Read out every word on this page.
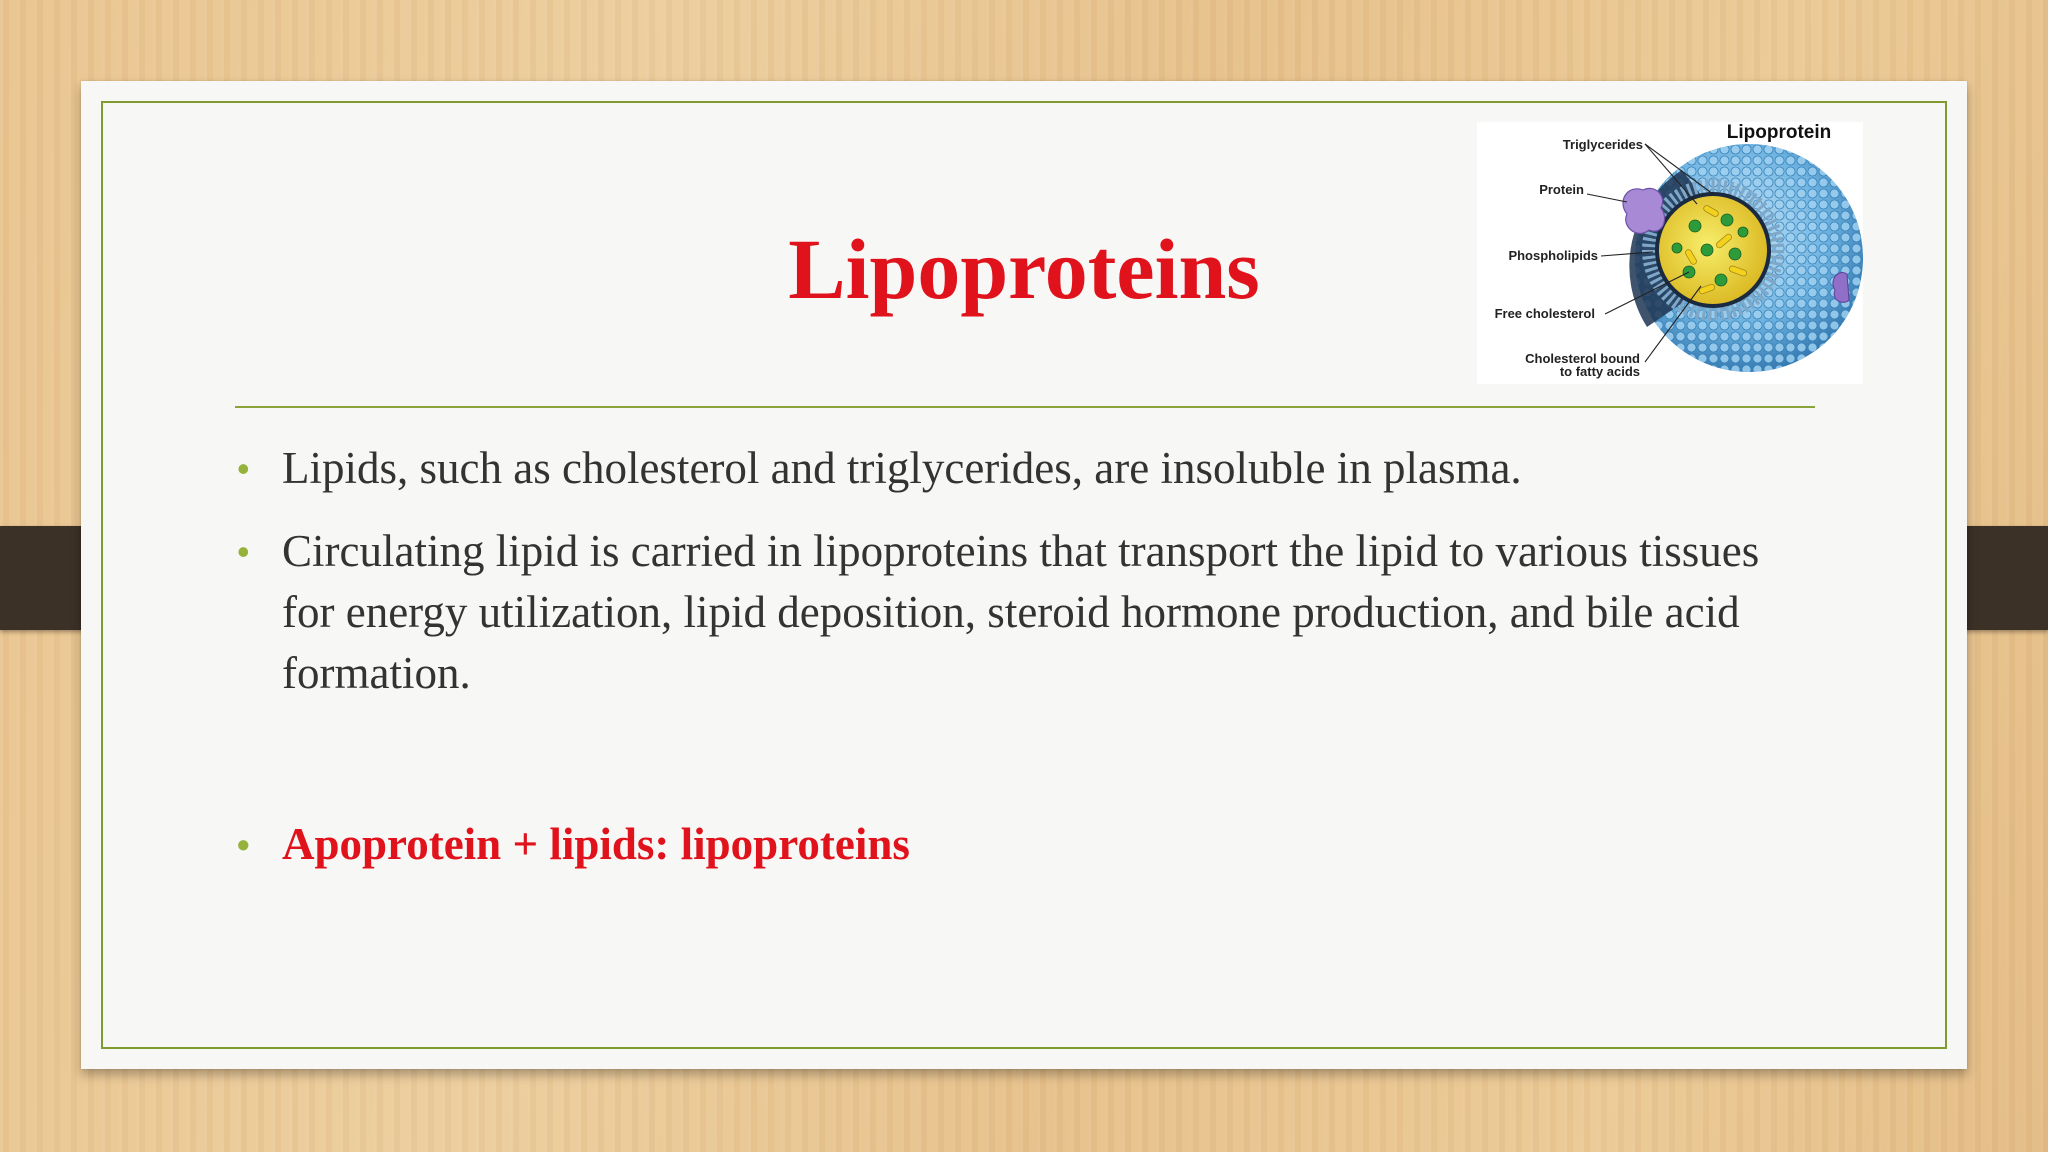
Lipoproteins
• Lipids, such as cholesterol and triglycerides, are insoluble in plasma.
• Circulating lipid is carried in lipoproteins that transport the lipid to various tissues for energy utilization, lipid deposition, steroid hormone production, and bile acid formation.
• Apoprotein + lipids: lipoproteins
Lipoprotein
Triglycerides
Protein
Phospholipids
Free cholesterol
Cholesterol bound
to fatty acids
